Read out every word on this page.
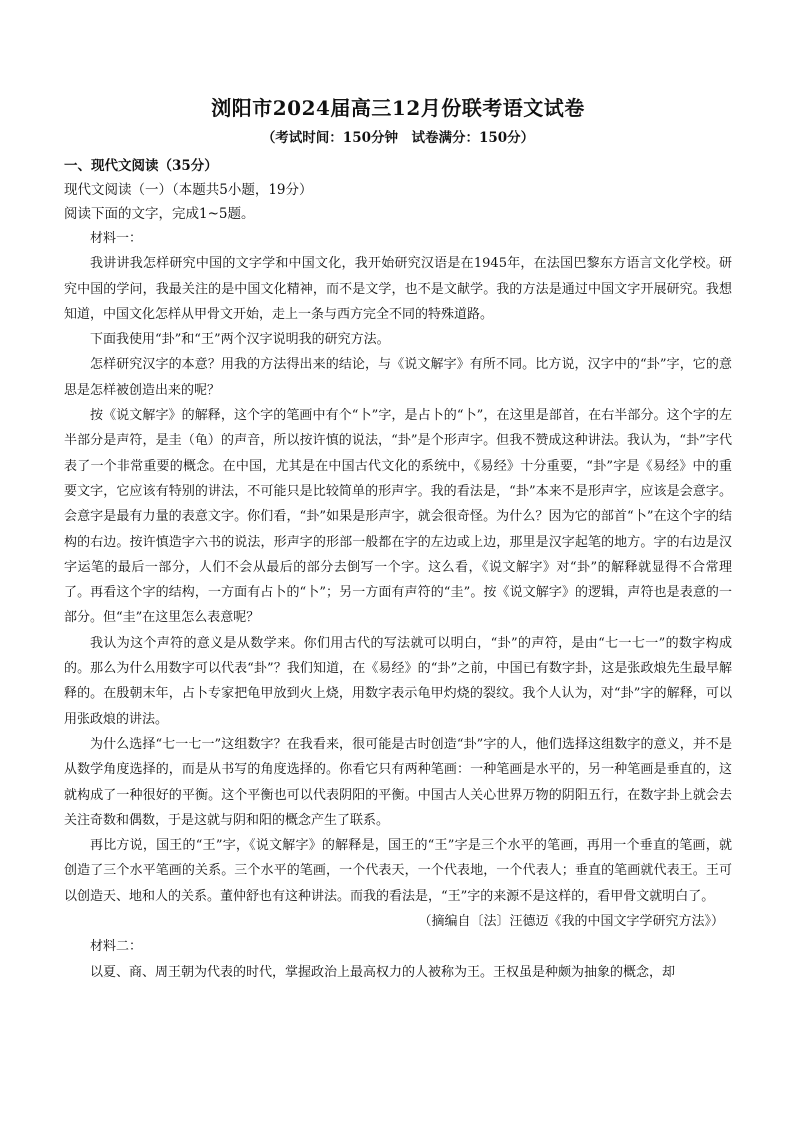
浏阳市2024届高三12月份联考语文试卷
（考试时间：150分钟　试卷满分：150分）
一、现代文阅读（35分）
现代文阅读（一）（本题共5小题，19分）
阅读下面的文字，完成1~5题。
材料一：

我讲讲我怎样研究中国的文字学和中国文化，我开始研究汉语是在1945年，在法国巴黎东方语言文化学校。研究中国的学问，我最关注的是中国文化精神，而不是文学，也不是文献学。我的方法是通过中国文字开展研究。我想知道，中国文化怎样从甲骨文开始，走上一条与西方完全不同的特殊道路。

下面我使用“卦”和“王”两个汉字说明我的研究方法。

怎样研究汉字的本意？用我的方法得出来的结论，与《说文解字》有所不同。比方说，汉字中的“卦”字，它的意思是怎样被创造出来的呢？

按《说文解字》的解释，这个字的笔画中有个“卜”字，是占卜的“卜”，在这里是部首，在右半部分。这个字的左半部分是声符，是圭（龟）的声音，所以按许慎的说法，“卦”是个形声字。但我不赞成这种讲法。我认为，“卦”字代表了一个非常重要的概念。在中国，尤其是在中国古代文化的系统中，《易经》十分重要，“卦”字是《易经》中的重要文字，它应该有特别的讲法，不可能只是比较简单的形声字。我的看法是，“卦”本来不是形声字，应该是会意字。会意字是最有力量的表意文字。你们看，“卦”如果是形声字，就会很奇怪。为什么？因为它的部首“卜”在这个字的结构的右边。按许慎造字六书的说法，形声字的形部一般都在字的左边或上边，那里是汉字起笔的地方。字的右边是汉字运笔的最后一部分，人们不会从最后的部分去倒写一个字。这么看，《说文解字》对“卦”的解释就显得不合常理了。再看这个字的结构，一方面有占卜的“卜”；另一方面有声符的“圭”。按《说文解字》的逻辑，声符也是表意的一部分。但“圭”在这里怎么表意呢？

我认为这个声符的意义是从数学来。你们用古代的写法就可以明白，“卦”的声符，是由“七一七一”的数字构成的。那么为什么用数字可以代表“卦”？我们知道，在《易经》的“卦”之前，中国已有数字卦，这是张政烺先生最早解释的。在殷朝末年，占卜专家把龟甲放到火上烧，用数字表示龟甲灼烧的裂纹。我个人认为，对“卦”字的解释，可以用张政烺的讲法。

为什么选择“七一七一”这组数字？在我看来，很可能是古时创造“卦”字的人，他们选择这组数字的意义，并不是从数学角度选择的，而是从书写的角度选择的。你看它只有两种笔画：一种笔画是水平的，另一种笔画是垂直的，这就构成了一种很好的平衡。这个平衡也可以代表阴阳的平衡。中国古人关心世界万物的阴阳五行，在数字卦上就会去关注奇数和偶数，于是这就与阴和阳的概念产生了联系。

再比方说，国王的“王”字，《说文解字》的解释是，国王的“王”字是三个水平的笔画，再用一个垂直的笔画，就创造了三个水平笔画的关系。三个水平的笔画，一个代表天，一个代表地，一个代表人；垂直的笔画就代表王。王可以创造天、地和人的关系。董仲舒也有这种讲法。而我的看法是，“王”字的来源不是这样的，看甲骨文就明白了。

（摘编自〔法〕汪德迈《我的中国文字学研究方法》）
材料二：

以夏、商、周王朝为代表的时代，掌握政治上最高权力的人被称为王。王权虽是种颇为抽象的概念，却
